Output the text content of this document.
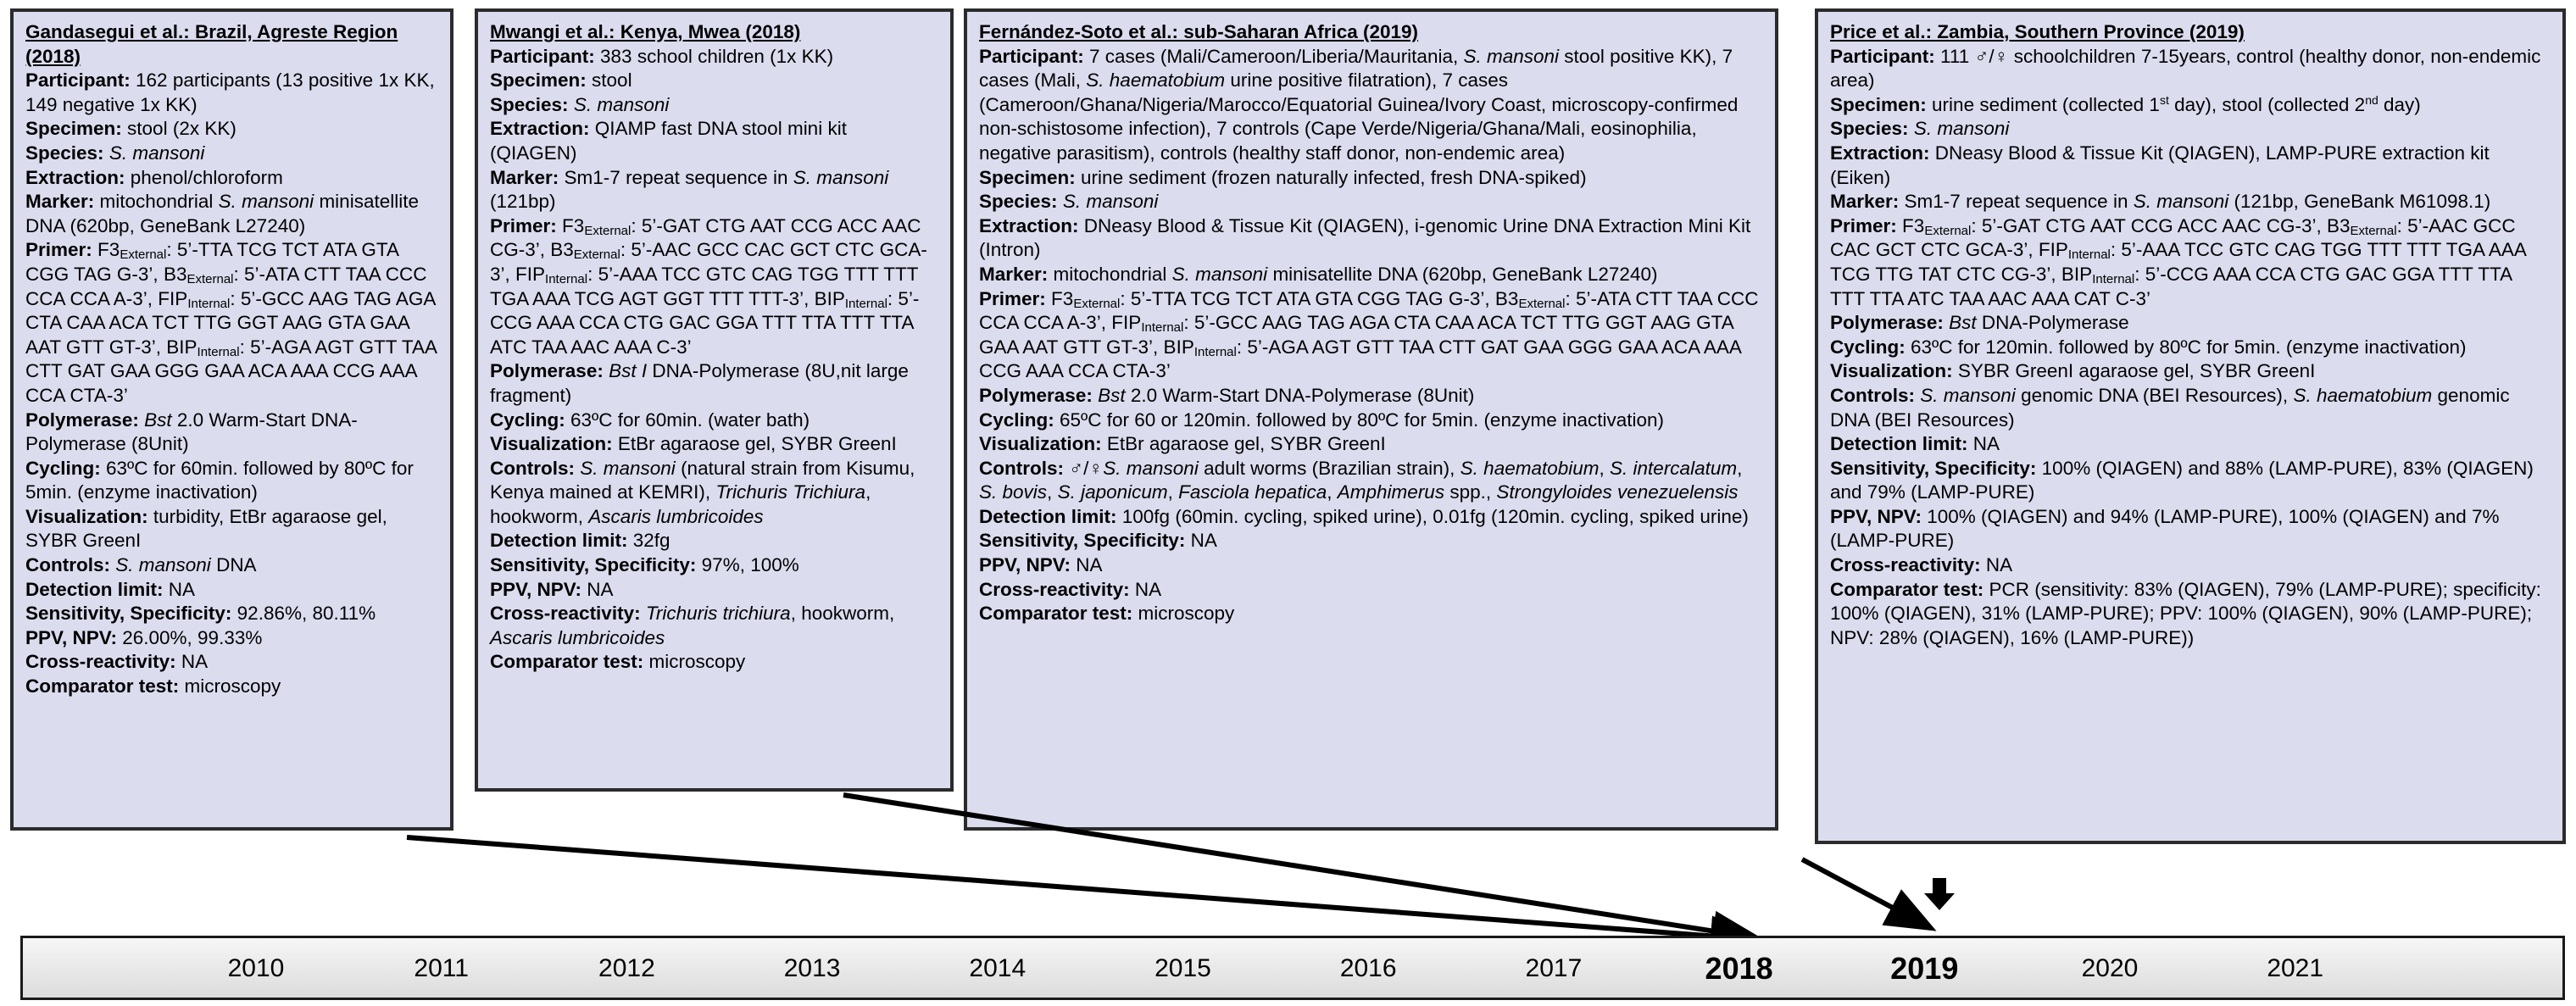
Gandasegui et al.: Brazil, Agreste Region (2018)
Participant: 162 participants (13 positive 1x KK, 149 negative 1x KK)
Specimen: stool (2x KK)
Species: S. mansoni
Extraction: phenol/chloroform
Marker: mitochondrial S. mansoni minisatellite DNA (620bp, GeneBank L27240)
Primer: $F3_{External}$: 5’-TTA TCG TCT ATA GTA CGG TAG G-3’, $B3_{External}$: 5’-ATA CTT TAA CCC CCA CCA A-3’, $FIP_{Internal}$: 5’-GCC AAG TAG AGA CTA CAA ACA TCT TTG GGT AAG GTA GAA AAT GTT GT-3’, $BIP_{Internal}$: 5’-AGA AGT GTT TAA CTT GAT GAA GGG GAA ACA AAA CCG AAA CCA CTA-3’
Polymerase: Bst 2.0 Warm-Start DNA-Polymerase (8Unit)
Cycling: 63ºC for 60min. followed by 80ºC for 5min. (enzyme inactivation)
Visualization: turbidity, EtBr agaraose gel, SYBR GreenI
Controls: S. mansoni DNA
Detection limit: NA
Sensitivity, Specificity: 92.86%, 80.11%
PPV, NPV: 26.00%, 99.33%
Cross-reactivity: NA
Comparator test: microscopy
Mwangi et al.: Kenya, Mwea (2018)
Participant: 383 school children (1x KK)
Specimen: stool
Species: S. mansoni
Extraction: QIAMP fast DNA stool mini kit (QIAGEN)
Marker: Sm1-7 repeat sequence in S. mansoni (121bp)
Primer: $F3_{External}$: 5’-GAT CTG AAT CCG ACC AAC CG-3’, $B3_{External}$: 5’-AAC GCC CAC GCT CTC GCA-3’, $FIP_{Internal}$: 5’-AAA TCC GTC CAG TGG TTT TTT TGA AAA TCG AGT GGT TTT TTT-3’, $BIP_{Internal}$: 5’-CCG AAA CCA CTG GAC GGA TTT TTA TTT TTA ATC TAA AAC AAA C-3’
Polymerase: Bst I DNA-Polymerase (8U,nit large fragment)
Cycling: 63ºC for 60min. (water bath)
Visualization: EtBr agaraose gel, SYBR GreenI
Controls: S. mansoni (natural strain from Kisumu, Kenya mained at KEMRI), Trichuris Trichiura, hookworm, Ascaris lumbricoides
Detection limit: 32fg
Sensitivity, Specificity: 97%, 100%
PPV, NPV: NA
Cross-reactivity: Trichuris trichiura, hookworm, Ascaris lumbricoides
Comparator test: microscopy
Fernández-Soto et al.: sub-Saharan Africa (2019)
Participant: 7 cases (Mali/Cameroon/Liberia/Mauritania, S. mansoni stool positive KK), 7 cases (Mali, S. haematobium urine positive filatration), 7 cases (Cameroon/Ghana/Nigeria/Marocco/Equatorial Guinea/Ivory Coast, microscopy-confirmed non-schistosome infection), 7 controls (Cape Verde/Nigeria/Ghana/Mali, eosinophilia, negative parasitism), controls (healthy staff donor, non-endemic area)
Specimen: urine sediment (frozen naturally infected, fresh DNA-spiked)
Species: S. mansoni
Extraction: DNeasy Blood & Tissue Kit (QIAGEN), i-genomic Urine DNA Extraction Mini Kit (Intron)
Marker: mitochondrial S. mansoni minisatellite DNA (620bp, GeneBank L27240)
Primer: $F3_{External}$: 5’-TTA TCG TCT ATA GTA CGG TAG G-3’, $B3_{External}$: 5’-ATA CTT TAA CCC CCA CCA A-3’, $FIP_{Internal}$: 5’-GCC AAG TAG AGA CTA CAA ACA TCT TTG GGT AAG GTA GAA AAT GTT GT-3’, $BIP_{Internal}$: 5’-AGA AGT GTT TAA CTT GAT GAA GGG GAA ACA AAA CCG AAA CCA CTA-3’
Polymerase: Bst 2.0 Warm-Start DNA-Polymerase (8Unit)
Cycling: 65ºC for 60 or 120min. followed by 80ºC for 5min. (enzyme inactivation)
Visualization: EtBr agaraose gel, SYBR GreenI
Controls: ♂/♀S. mansoni adult worms (Brazilian strain), S. haematobium, S. intercalatum, S. bovis, S. japonicum, Fasciola hepatica, Amphimerus spp., Strongyloides venezuelensis
Detection limit: 100fg (60min. cycling, spiked urine), 0.01fg (120min. cycling, spiked urine)
Sensitivity, Specificity: NA
PPV, NPV: NA
Cross-reactivity: NA
Comparator test: microscopy
Price et al.: Zambia, Southern Province (2019)
Participant: 111 ♂/♀ schoolchildren 7-15years, control (healthy donor, non-endemic area)
Specimen: urine sediment (collected 1st day), stool (collected 2nd day)
Species: S. mansoni
Extraction: DNeasy Blood & Tissue Kit (QIAGEN), LAMP-PURE extraction kit (Eiken)
Marker: Sm1-7 repeat sequence in S. mansoni (121bp, GeneBank M61098.1)
Primer: $F3_{External}$: 5’-GAT CTG AAT CCG ACC AAC CG-3’, $B3_{External}$: 5’-AAC GCC CAC GCT CTC GCA-3’, $FIP_{Internal}$: 5’-AAA TCC GTC CAG TGG TTT TTT TGA AAA TCG TTG TAT CTC CG-3’, $BIP_{Internal}$: 5’-CCG AAA CCA CTG GAC GGA TTT TTA TTT TTA ATC TAA AAC AAA CAT C-3’
Polymerase: Bst DNA-Polymerase
Cycling: 63ºC for 120min. followed by 80ºC for 5min. (enzyme inactivation)
Visualization: SYBR GreenI agaraose gel, SYBR GreenI
Controls: S. mansoni genomic DNA (BEI Resources), S. haematobium genomic DNA (BEI Resources)
Detection limit: NA
Sensitivity, Specificity: 100% (QIAGEN) and 88% (LAMP-PURE), 83% (QIAGEN) and 79% (LAMP-PURE)
PPV, NPV: 100% (QIAGEN) and 94% (LAMP-PURE), 100% (QIAGEN) and 7% (LAMP-PURE)
Cross-reactivity: NA
Comparator test: PCR (sensitivity: 83% (QIAGEN), 79% (LAMP-PURE); specificity: 100% (QIAGEN), 31% (LAMP-PURE); PPV: 100% (QIAGEN), 90% (LAMP-PURE); NPV: 28% (QIAGEN), 16% (LAMP-PURE))
2010	2011	2012	2013	2014	2015	2016	2017	2018	2019	2020	2021
